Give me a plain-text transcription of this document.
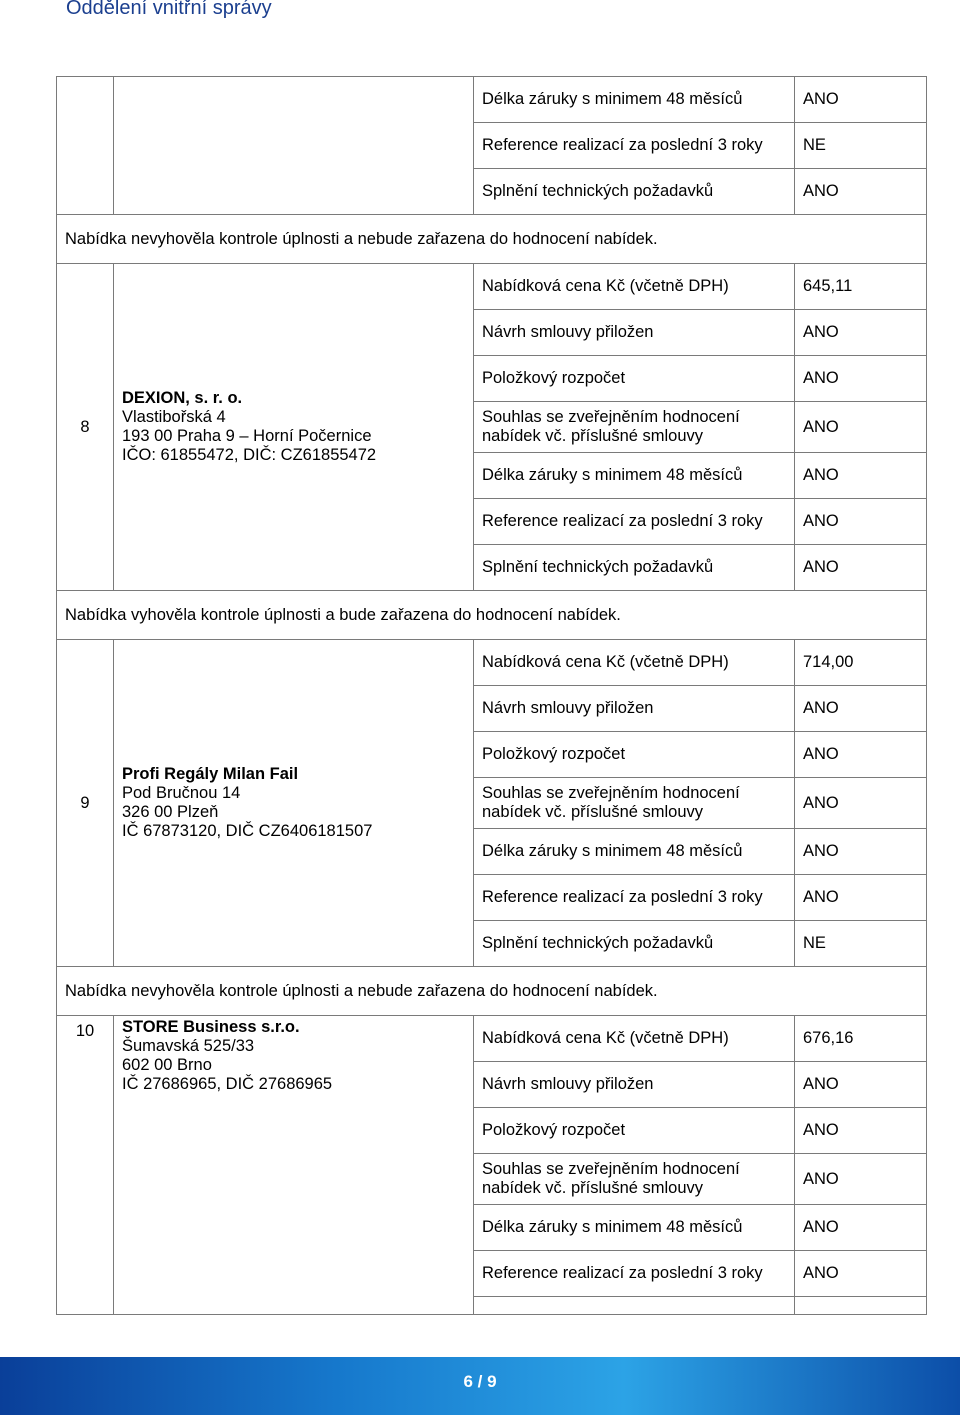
Oddělení vnitřní správy
		Délka záruky s minimem 48 měsíců	ANO
		Reference realizací za poslední 3 roky	NE
		Splnění technických požadavků	ANO
Nabídka nevyhověla kontrole úplnosti a nebude zařazena do hodnocení nabídek.			
8	DEXION, s. r. o.
Vlastibořská 4
193 00 Praha 9 – Horní Počernice
IČO: 61855472, DIČ: CZ61855472	Nabídková cena Kč (včetně DPH)	645,11
		Návrh smlouvy přiložen	ANO
		Položkový rozpočet	ANO
		Souhlas se zveřejněním hodnocení nabídek vč. příslušné smlouvy	ANO
		Délka záruky s minimem 48 měsíců	ANO
		Reference realizací za poslední 3 roky	ANO
		Splnění technických požadavků	ANO
Nabídka vyhověla kontrole úplnosti a bude zařazena do hodnocení nabídek.			
9	Profi Regály Milan Fail
Pod Bručnou 14
326 00 Plzeň
IČ 67873120, DIČ CZ6406181507	Nabídková cena Kč (včetně DPH)	714,00
		Návrh smlouvy přiložen	ANO
		Položkový rozpočet	ANO
		Souhlas se zveřejněním hodnocení nabídek vč. příslušné smlouvy	ANO
		Délka záruky s minimem 48 měsíců	ANO
		Reference realizací za poslední 3 roky	ANO
		Splnění technických požadavků	NE
Nabídka nevyhověla kontrole úplnosti a nebude zařazena do hodnocení nabídek.			
10	STORE Business s.r.o.
Šumavská 525/33
602 00 Brno
IČ 27686965, DIČ 27686965	Nabídková cena Kč (včetně DPH)	676,16
		Návrh smlouvy přiložen	ANO
		Položkový rozpočet	ANO
		Souhlas se zveřejněním hodnocení nabídek vč. příslušné smlouvy	ANO
		Délka záruky s minimem 48 měsíců	ANO
		Reference realizací za poslední 3 roky	ANO

6 / 9
